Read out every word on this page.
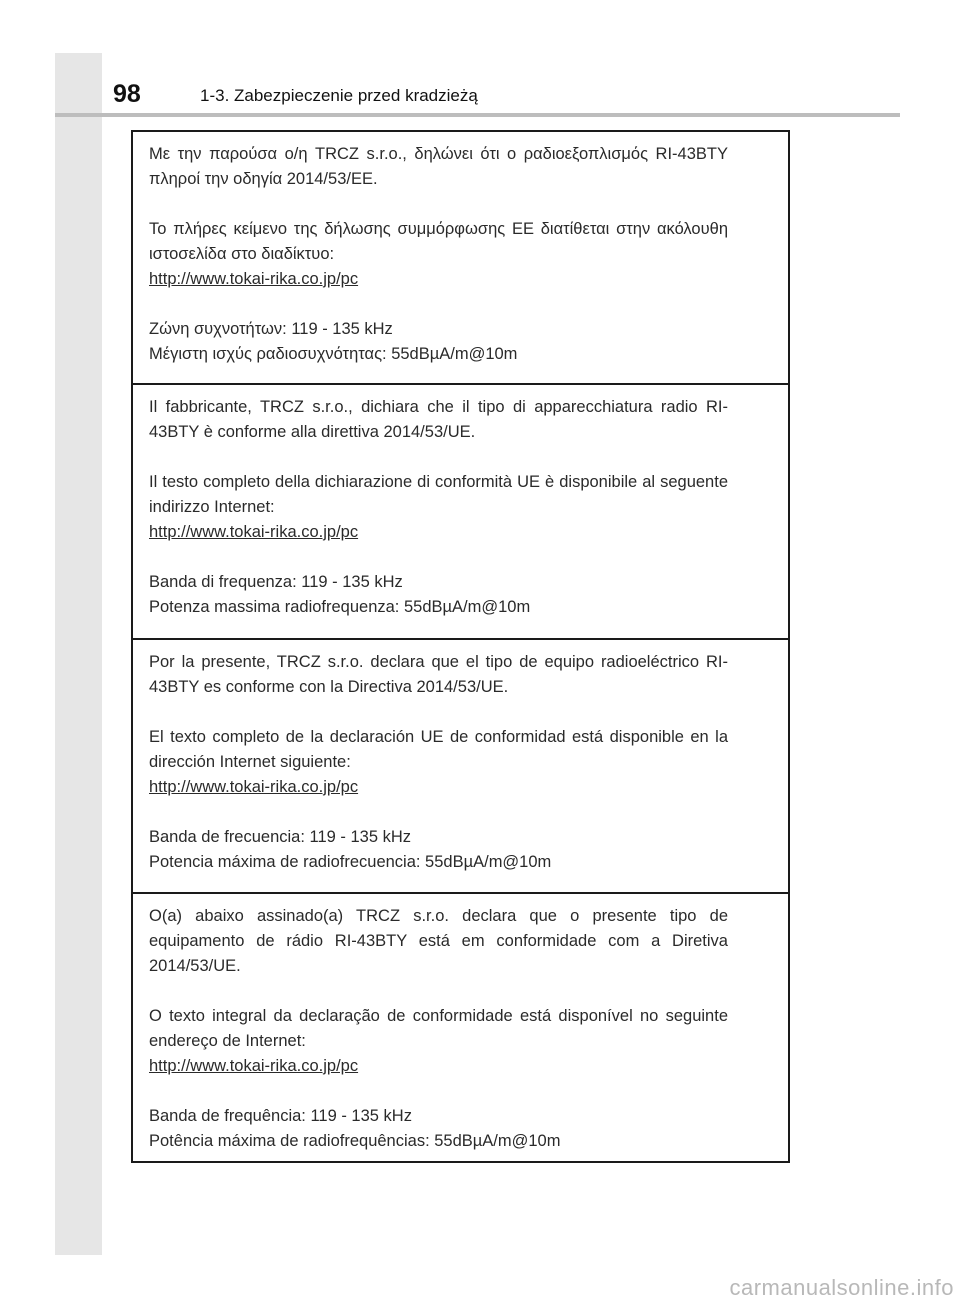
98	1-3. Zabezpieczenie przed kradzieżą

Με την παρούσα ο/η TRCZ s.r.o., δηλώνει ότι ο ραδιοεξοπλισμός RI-43BTY πληροί την οδηγία 2014/53/ΕΕ.

Το πλήρες κείμενο της δήλωσης συμμόρφωσης ΕΕ διατίθεται στην ακόλουθη ιστοσελίδα στο διαδίκτυο:

http://www.tokai-rika.co.jp/pc

Ζώνη συχνοτήτων: 119 - 135 kHz

Μέγιστη ισχύς ραδιοσυχνότητας: 55dBµA/m@10m

Il fabbricante, TRCZ s.r.o., dichiara che il tipo di apparecchiatura radio RI-43BTY è conforme alla direttiva 2014/53/UE.

Il testo completo della dichiarazione di conformità UE è disponibile al seguente indirizzo Internet:

http://www.tokai-rika.co.jp/pc

Banda di frequenza: 119 - 135 kHz

Potenza massima radiofrequenza: 55dBµA/m@10m

Por la presente, TRCZ s.r.o. declara que el tipo de equipo radioeléctrico RI-43BTY es conforme con la Directiva 2014/53/UE.

El texto completo de la declaración UE de conformidad está disponible en la dirección Internet siguiente:

http://www.tokai-rika.co.jp/pc

Banda de frecuencia: 119 - 135 kHz

Potencia máxima de radiofrecuencia: 55dBµA/m@10m

O(a) abaixo assinado(a) TRCZ s.r.o. declara que o presente tipo de equipamento de rádio RI-43BTY está em conformidade com a Diretiva 2014/53/UE.

O texto integral da declaração de conformidade está disponível no seguinte endereço de Internet:

http://www.tokai-rika.co.jp/pc

Banda de frequência: 119 - 135 kHz

Potência máxima de radiofrequências: 55dBµA/m@10m

carmanualsonline.info
